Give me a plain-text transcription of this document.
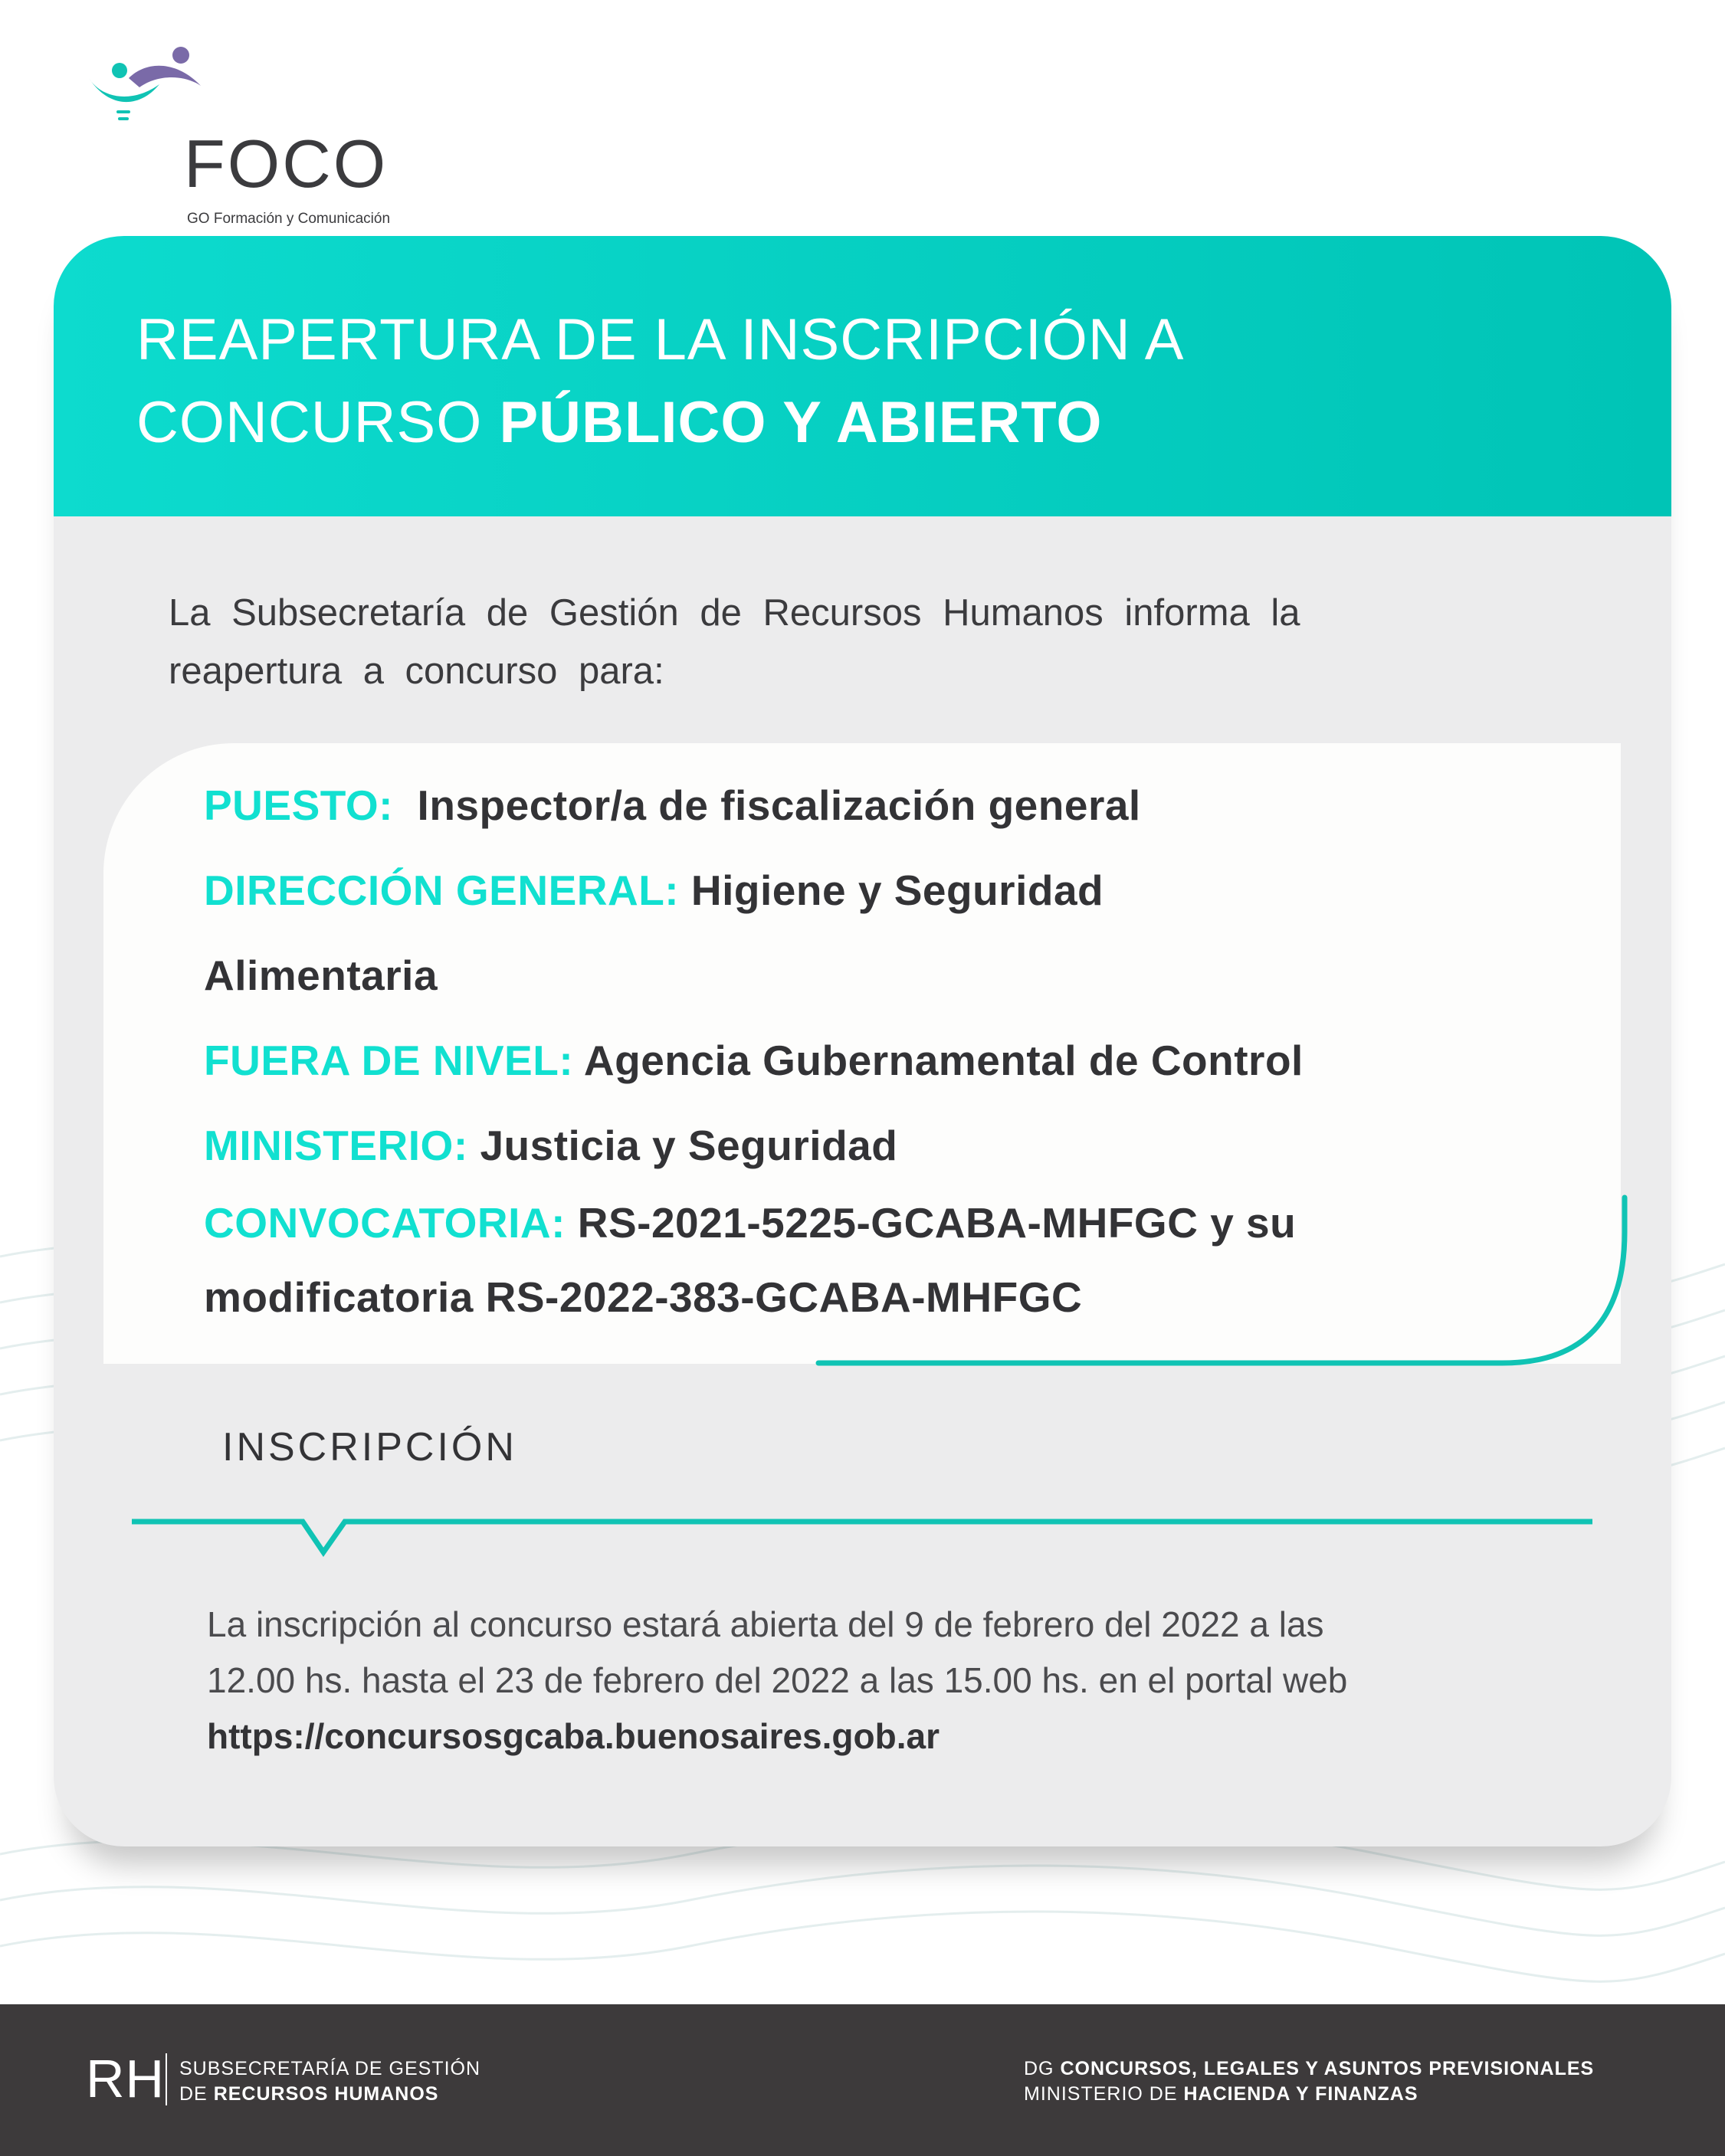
FOCO

GO Formación y Comunicación

REAPERTURA DE LA INSCRIPCIÓN A
CONCURSO PÚBLICO Y ABIERTO

La Subsecretaría de Gestión de Recursos Humanos informa la
reapertura a concurso para:

PUESTO: Inspector/a de fiscalización general
DIRECCIÓN GENERAL: Higiene y Seguridad
Alimentaria
FUERA DE NIVEL: Agencia Gubernamental de Control
MINISTERIO: Justicia y Seguridad
CONVOCATORIA: RS-2021-5225-GCABA-MHFGC y su
modificatoria RS-2022-383-GCABA-MHFGC
INSCRIPCIÓN

La inscripción al concurso estará abierta del 9 de febrero del 2022 a las
12.00 hs. hasta el 23 de febrero del 2022 a las 15.00 hs. en el portal web

https://concursosgcaba.buenosaires.gob.ar

RH SUBSECRETARÍA DE GESTIÓN
DE RECURSOS HUMANOS
DG CONCURSOS, LEGALES Y ASUNTOS PREVISIONALES
MINISTERIO DE HACIENDA Y FINANZAS
